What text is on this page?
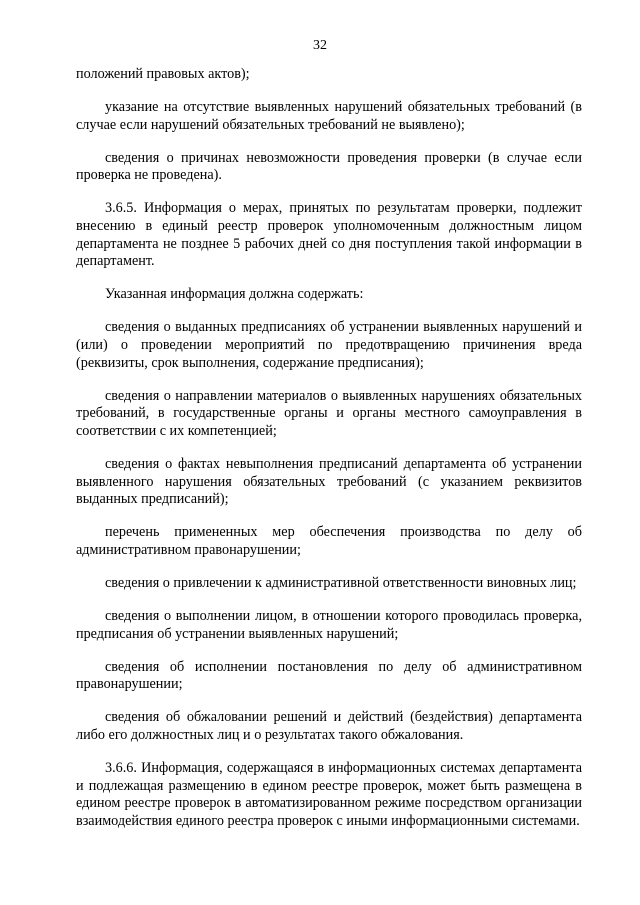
32

положений правовых актов);

указание на отсутствие выявленных нарушений обязательных требований (в случае если нарушений обязательных требований не выявлено);

сведения о причинах невозможности проведения проверки (в случае если проверка не проведена).

3.6.5. Информация о мерах, принятых по результатам проверки, подлежит внесению в единый реестр проверок уполномоченным должностным лицом департамента не позднее 5 рабочих дней со дня поступления такой информации в департамент.

Указанная информация должна содержать:

сведения о выданных предписаниях об устранении выявленных нарушений и (или) о проведении мероприятий по предотвращению причинения вреда (реквизиты, срок выполнения, содержание предписания);

сведения о направлении материалов о выявленных нарушениях обязательных требований, в государственные органы и органы местного самоуправления в соответствии с их компетенцией;

сведения о фактах невыполнения предписаний департамента об устранении выявленного нарушения обязательных требований (с указанием реквизитов выданных предписаний);

перечень примененных мер обеспечения производства по делу об административном правонарушении;

сведения о привлечении к административной ответственности виновных лиц;

сведения о выполнении лицом, в отношении которого проводилась проверка, предписания об устранении выявленных нарушений;

сведения об исполнении постановления по делу об административном правонарушении;

сведения об обжаловании решений и действий (бездействия) департамента либо его должностных лиц и о результатах такого обжалования.

3.6.6. Информация, содержащаяся в информационных системах департамента и подлежащая размещению в едином реестре проверок, может быть размещена в едином реестре проверок в автоматизированном режиме посредством организации взаимодействия единого реестра проверок с иными информационными системами.
